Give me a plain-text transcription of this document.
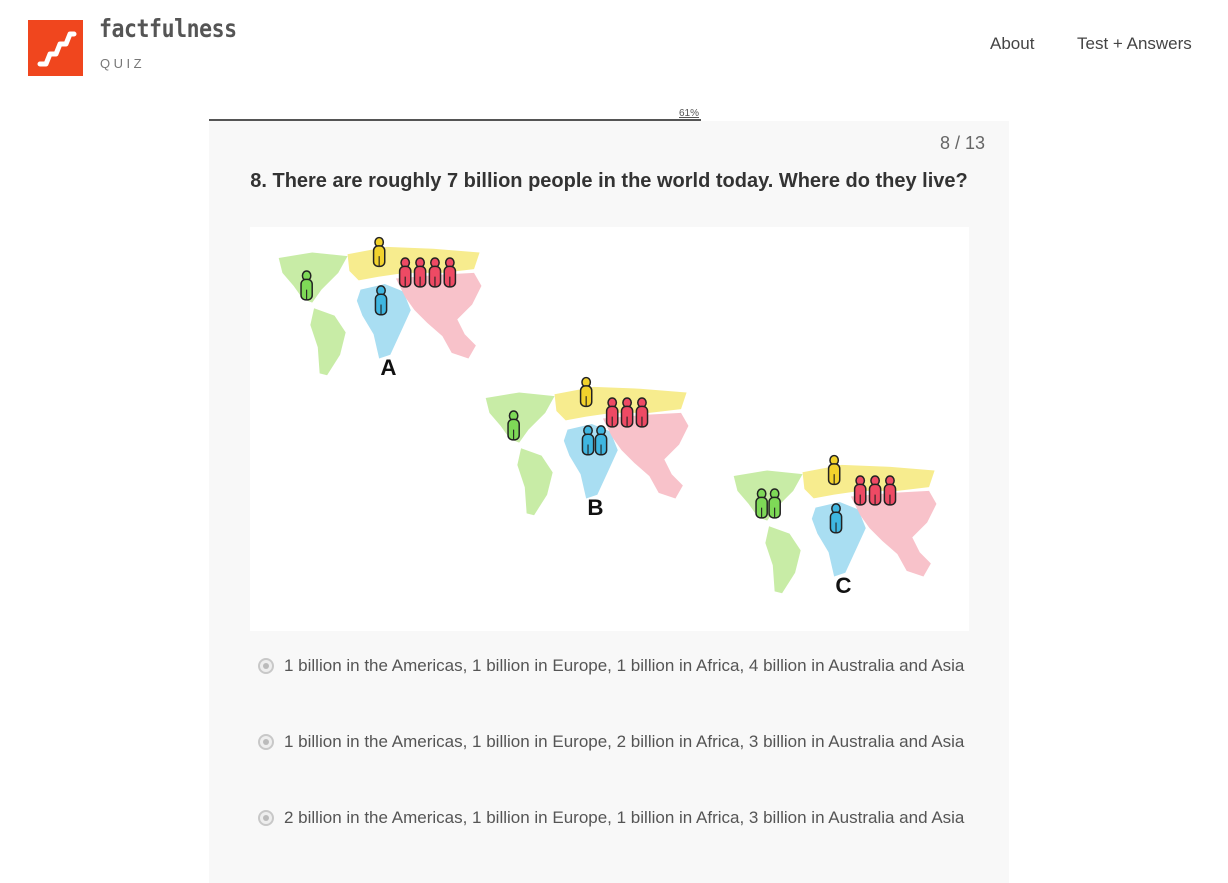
factfulness
QUIZ
About	Test + Answers
61%
8 / 13
8. There are roughly 7 billion people in the world today. Where do they live?
A
B
C
1 billion in the Americas, 1 billion in Europe, 1 billion in Africa, 4 billion in Australia and Asia
1 billion in the Americas, 1 billion in Europe, 2 billion in Africa, 3 billion in Australia and Asia
2 billion in the Americas, 1 billion in Europe, 1 billion in Africa, 3 billion in Australia and Asia
